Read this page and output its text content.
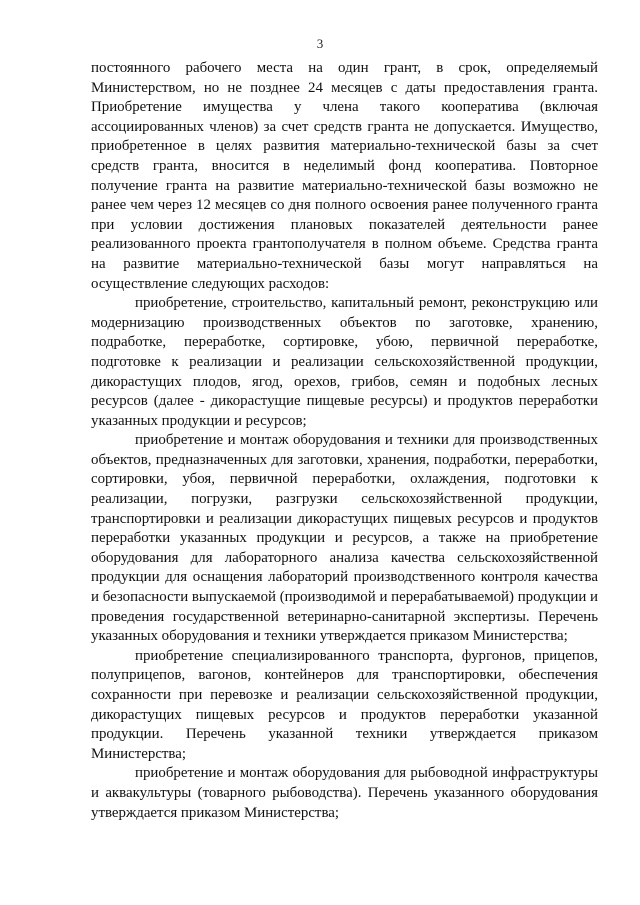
3

постоянного рабочего места на один грант, в срок, определяемый Министерством, но не позднее 24 месяцев с даты предоставления гранта. Приобретение имущества у члена такого кооператива (включая ассоциированных членов) за счет средств гранта не допускается. Имущество, приобретенное в целях развития материально-технической базы за счет средств гранта, вносится в неделимый фонд кооператива. Повторное получение гранта на развитие материально-технической базы возможно не ранее чем через 12 месяцев со дня полного освоения ранее полученного гранта при условии достижения плановых показателей деятельности ранее реализованного проекта грантополучателя в полном объеме. Средства гранта на развитие материально-технической базы могут направляться на осуществление следующих расходов:

приобретение, строительство, капитальный ремонт, реконструкцию или модернизацию производственных объектов по заготовке, хранению, подработке, переработке, сортировке, убою, первичной переработке, подготовке к реализации и реализации сельскохозяйственной продукции, дикорастущих плодов, ягод, орехов, грибов, семян и подобных лесных ресурсов (далее - дикорастущие пищевые ресурсы) и продуктов переработки указанных продукции и ресурсов;

приобретение и монтаж оборудования и техники для производственных объектов, предназначенных для заготовки, хранения, подработки, переработки, сортировки, убоя, первичной переработки, охлаждения, подготовки к реализации, погрузки, разгрузки сельскохозяйственной продукции, транспортировки и реализации дикорастущих пищевых ресурсов и продуктов переработки указанных продукции и ресурсов, а также на приобретение оборудования для лабораторного анализа качества сельскохозяйственной продукции для оснащения лабораторий производственного контроля качества и безопасности выпускаемой (производимой и перерабатываемой) продукции и проведения государственной ветеринарно-санитарной экспертизы. Перечень указанных оборудования и техники утверждается приказом Министерства;

приобретение специализированного транспорта, фургонов, прицепов, полуприцепов, вагонов, контейнеров для транспортировки, обеспечения сохранности при перевозке и реализации сельскохозяйственной продукции, дикорастущих пищевых ресурсов и продуктов переработки указанной продукции. Перечень указанной техники утверждается приказом Министерства;

приобретение и монтаж оборудования для рыбоводной инфраструктуры и аквакультуры (товарного рыбоводства). Перечень указанного оборудования утверждается приказом Министерства;
